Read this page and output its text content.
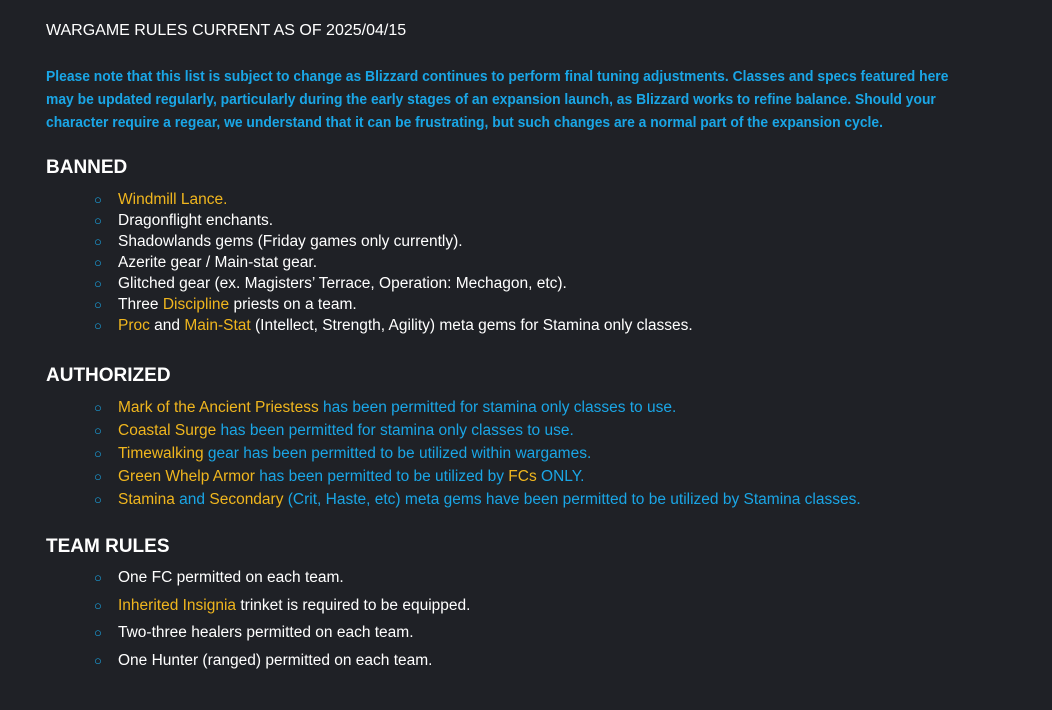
WARGAME RULES CURRENT AS OF 2025/04/15
Please note that this list is subject to change as Blizzard continues to perform final tuning adjustments. Classes and specs featured here may be updated regularly, particularly during the early stages of an expansion launch, as Blizzard works to refine balance. Should your character require a regear, we understand that it can be frustrating, but such changes are a normal part of the expansion cycle.
BANNED
○ Windmill Lance.
○ Dragonflight enchants.
○ Shadowlands gems (Friday games only currently).
○ Azerite gear / Main-stat gear.
○ Glitched gear (ex. Magisters’ Terrace, Operation: Mechagon, etc).
○ Three Discipline priests on a team.
○ Proc and Main-Stat (Intellect, Strength, Agility) meta gems for Stamina only classes.
AUTHORIZED
○ Mark of the Ancient Priestess has been permitted for stamina only classes to use.
○ Coastal Surge has been permitted for stamina only classes to use.
○ Timewalking gear has been permitted to be utilized within wargames.
○ Green Whelp Armor has been permitted to be utilized by FCs ONLY.
○ Stamina and Secondary (Crit, Haste, etc) meta gems have been permitted to be utilized by Stamina classes.
TEAM RULES
○ One FC permitted on each team.
○ Inherited Insignia trinket is required to be equipped.
○ Two-three healers permitted on each team.
○ One Hunter (ranged) permitted on each team.
